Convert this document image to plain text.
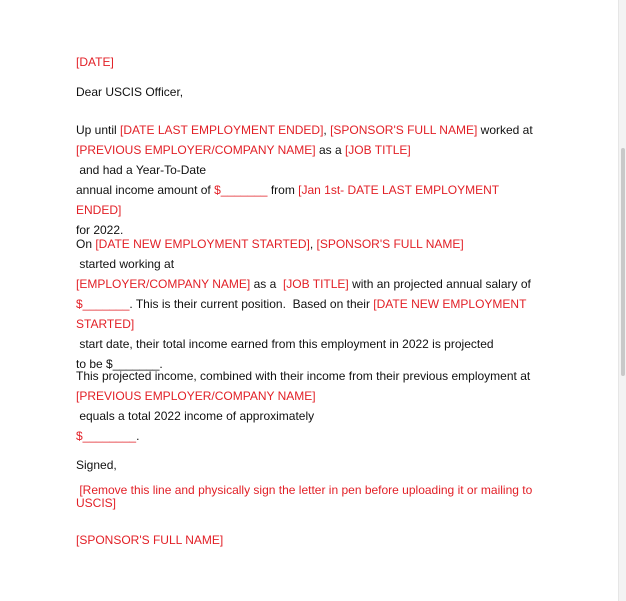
[DATE]
Dear USCIS Officer,
Up until [DATE LAST EMPLOYMENT ENDED], [SPONSOR'S FULL NAME] worked at
[PREVIOUS EMPLOYER/COMPANY NAME] as a [JOB TITLE] and had a Year-To-Date
annual income amount of $_______ from [Jan 1st- DATE LAST EMPLOYMENT ENDED]
for 2022.
On [DATE NEW EMPLOYMENT STARTED], [SPONSOR'S FULL NAME] started working at
[EMPLOYER/COMPANY NAME] as a  [JOB TITLE] with an projected annual salary of
$_______. This is their current position.  Based on their [DATE NEW EMPLOYMENT
STARTED] start date, their total income earned from this employment in 2022 is projected
to be $_______.
This projected income, combined with their income from their previous employment at
[PREVIOUS EMPLOYER/COMPANY NAME] equals a total 2022 income of approximately
$________.
Signed,
[Remove this line and physically sign the letter in pen before uploading it or mailing to
USCIS]
[SPONSOR'S FULL NAME]
